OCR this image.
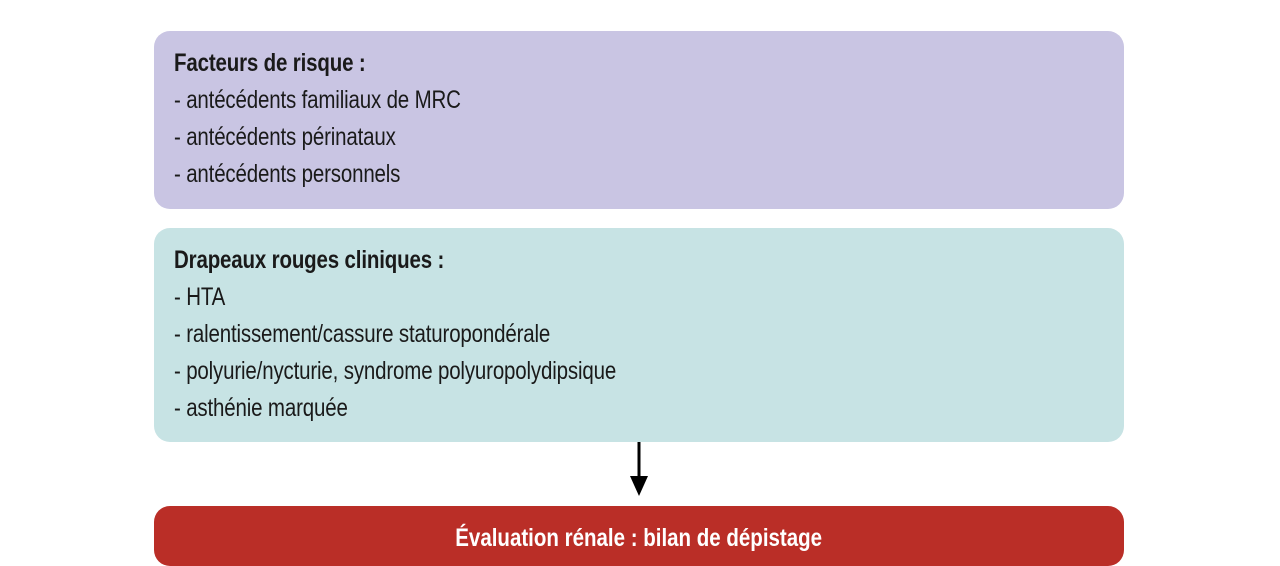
Facteurs de risque :
- antécédents familiaux de MRC
- antécédents périnataux
- antécédents personnels
Drapeaux rouges cliniques :
- HTA
- ralentissement/cassure staturopondérale
- polyurie/nycturie, syndrome polyuropolydipsique
- asthénie marquée
Évaluation rénale : bilan de dépistage
